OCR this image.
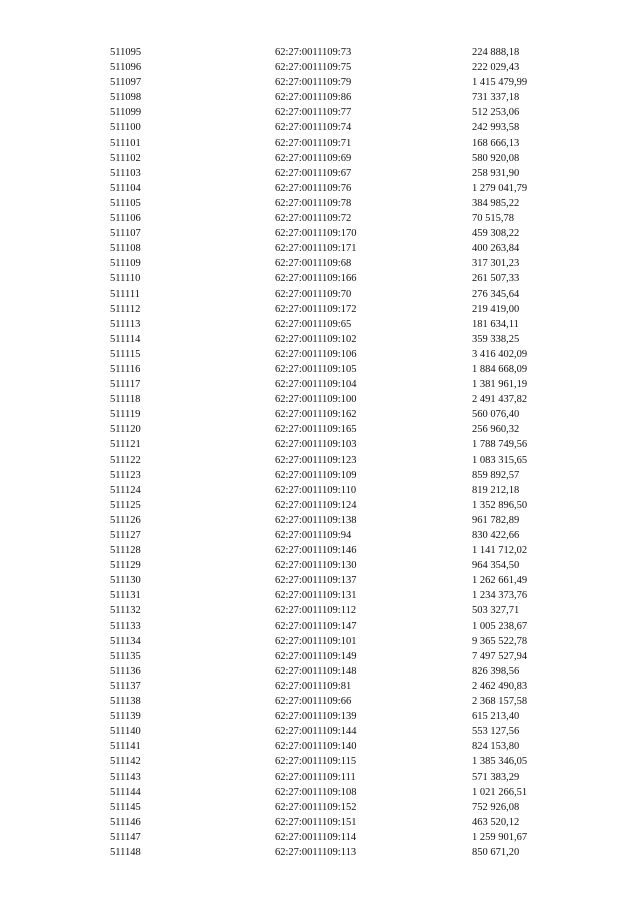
511095	62:27:0011109:73	224 888,18
511096	62:27:0011109:75	222 029,43
511097	62:27:0011109:79	1 415 479,99
511098	62:27:0011109:86	731 337,18
511099	62:27:0011109:77	512 253,06
511100	62:27:0011109:74	242 993,58
511101	62:27:0011109:71	168 666,13
511102	62:27:0011109:69	580 920,08
511103	62:27:0011109:67	258 931,90
511104	62:27:0011109:76	1 279 041,79
511105	62:27:0011109:78	384 985,22
511106	62:27:0011109:72	70 515,78
511107	62:27:0011109:170	459 308,22
511108	62:27:0011109:171	400 263,84
511109	62:27:0011109:68	317 301,23
511110	62:27:0011109:166	261 507,33
511111	62:27:0011109:70	276 345,64
511112	62:27:0011109:172	219 419,00
511113	62:27:0011109:65	181 634,11
511114	62:27:0011109:102	359 338,25
511115	62:27:0011109:106	3 416 402,09
511116	62:27:0011109:105	1 884 668,09
511117	62:27:0011109:104	1 381 961,19
511118	62:27:0011109:100	2 491 437,82
511119	62:27:0011109:162	560 076,40
511120	62:27:0011109:165	256 960,32
511121	62:27:0011109:103	1 788 749,56
511122	62:27:0011109:123	1 083 315,65
511123	62:27:0011109:109	859 892,57
511124	62:27:0011109:110	819 212,18
511125	62:27:0011109:124	1 352 896,50
511126	62:27:0011109:138	961 782,89
511127	62:27:0011109:94	830 422,66
511128	62:27:0011109:146	1 141 712,02
511129	62:27:0011109:130	964 354,50
511130	62:27:0011109:137	1 262 661,49
511131	62:27:0011109:131	1 234 373,76
511132	62:27:0011109:112	503 327,71
511133	62:27:0011109:147	1 005 238,67
511134	62:27:0011109:101	9 365 522,78
511135	62:27:0011109:149	7 497 527,94
511136	62:27:0011109:148	826 398,56
511137	62:27:0011109:81	2 462 490,83
511138	62:27:0011109:66	2 368 157,58
511139	62:27:0011109:139	615 213,40
511140	62:27:0011109:144	553 127,56
511141	62:27:0011109:140	824 153,80
511142	62:27:0011109:115	1 385 346,05
511143	62:27:0011109:111	571 383,29
511144	62:27:0011109:108	1 021 266,51
511145	62:27:0011109:152	752 926,08
511146	62:27:0011109:151	463 520,12
511147	62:27:0011109:114	1 259 901,67
511148	62:27:0011109:113	850 671,20
